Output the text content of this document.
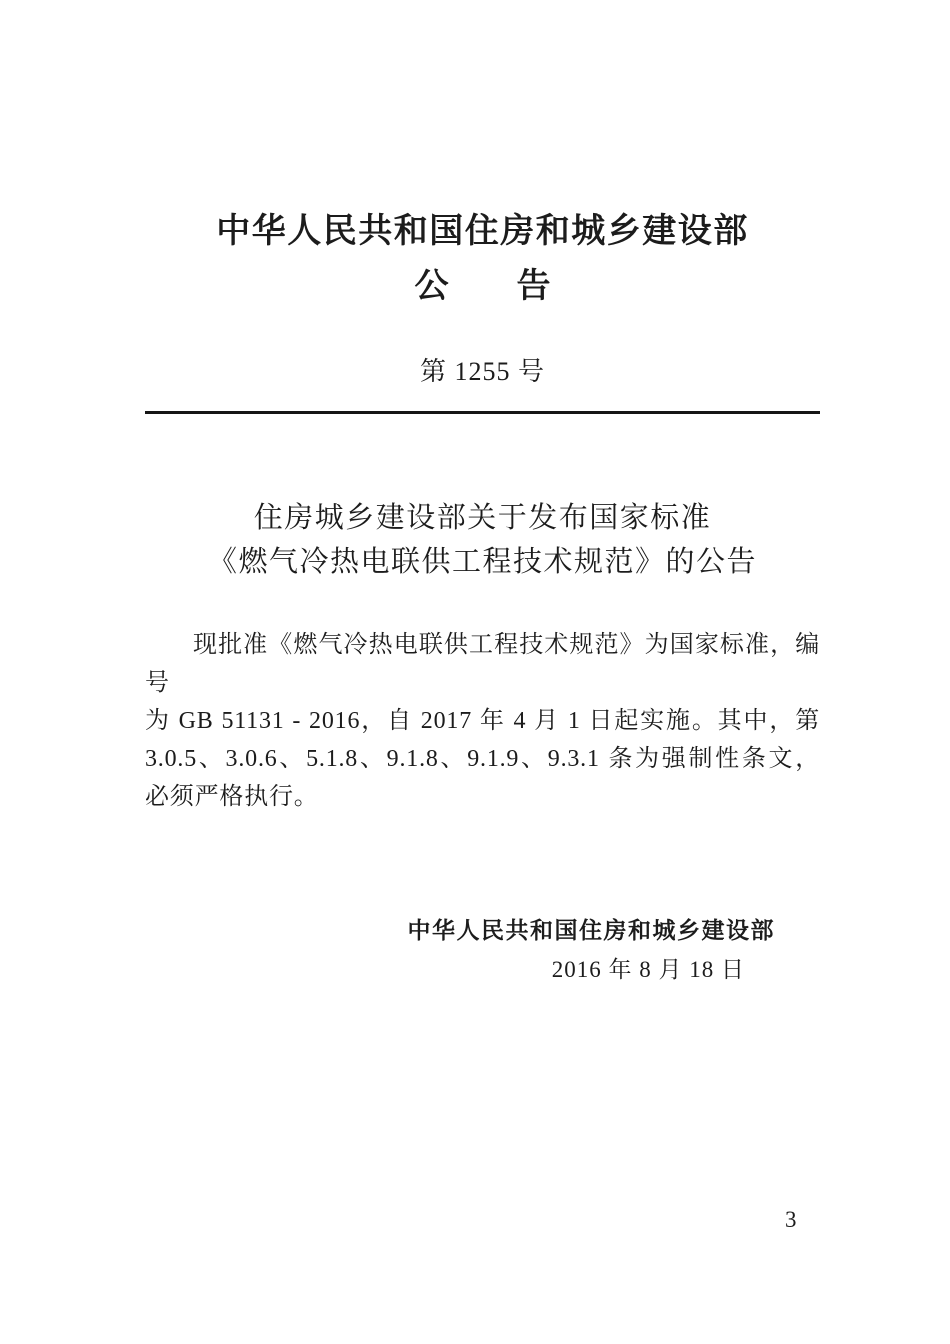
中华人民共和国住房和城乡建设部
公　　告
第 1255 号
住房城乡建设部关于发布国家标准
《燃气冷热电联供工程技术规范》的公告
现批准《燃气冷热电联供工程技术规范》为国家标准，编号
为 GB 51131 - 2016，自 2017 年 4 月 1 日起实施。其中，第
3.0.5、3.0.6、5.1.8、9.1.8、9.1.9、9.3.1 条为强制性条文，
必须严格执行。
中华人民共和国住房和城乡建设部
2016 年 8 月 18 日
3
